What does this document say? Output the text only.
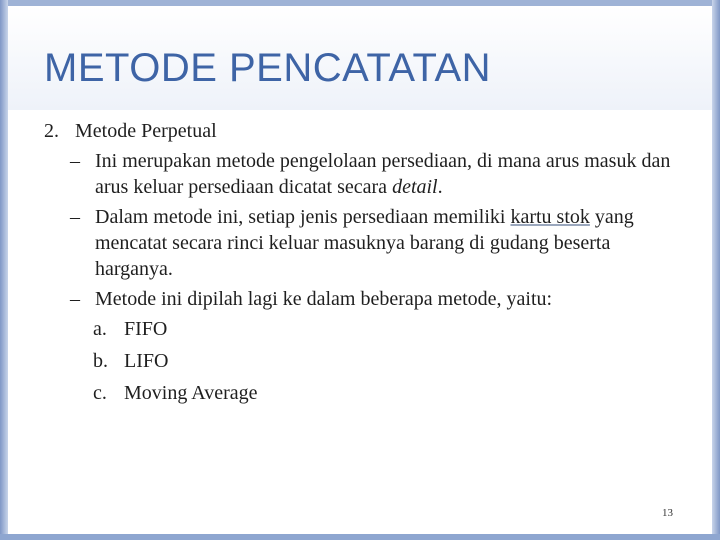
METODE PENCATATAN
2. Metode Perpetual
– Ini merupakan metode pengelolaan persediaan, di mana arus masuk dan arus keluar persediaan dicatat secara detail.
– Dalam metode ini, setiap jenis persediaan memiliki kartu stok yang mencatat secara rinci keluar masuknya barang di gudang beserta harganya.
– Metode ini dipilah lagi ke dalam beberapa metode, yaitu:
a. FIFO
b. LIFO
c. Moving Average
13
